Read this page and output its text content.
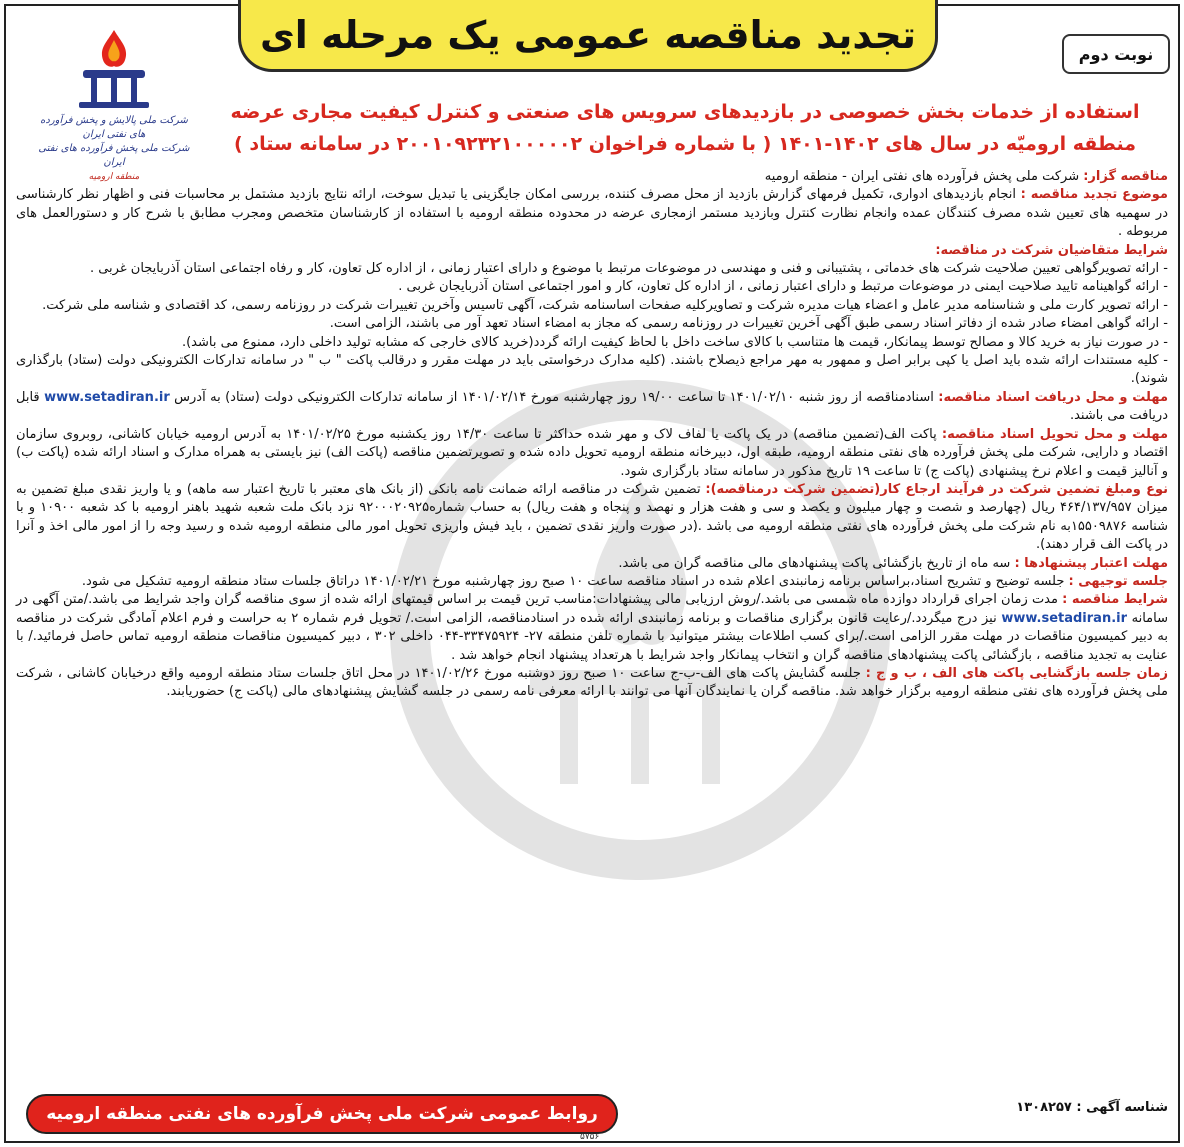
تجدید مناقصه عمومی یک مرحله ای	نوبت دوم
شرکت ملی پالایش و پخش فرآورده های نفتی ایران
شرکت ملی پخش فرآورده های نفتی ایران
منطقه ارومیه
استفاده از خدمات بخش خصوصی در بازدیدهای سرویس های صنعتی و کنترل کیفیت مجاری عرضه
منطقه ارومیّه در سال های ۱۴۰۲-۱۴۰۱ ( با شماره فراخوان ۲۰۰۱۰۹۲۳۲۱۰۰۰۰۰۲ در سامانه ستاد )

مناقصه گزار: شرکت ملی پخش فرآورده های نفتی ایران - منطقه ارومیه

موضوع تجدید مناقصه : انجام بازدیدهای ادواری، تکمیل فرمهای گزارش بازدید از محل مصرف کننده، بررسی امکان جایگزینی یا تبدیل سوخت، ارائه نتایج بازدید مشتمل بر محاسبات فنی و اظهار نظر کارشناسی در سهمیه های تعیین شده مصرف کنندگان عمده وانجام نظارت کنترل وبازدید مستمر ازمجاری عرضه در محدوده منطقه ارومیه با استفاده از کارشناسان متخصص ومجرب مطابق با شرح کار و دستورالعمل های مربوطه .

شرایط متقاضیان شرکت در مناقصه:

- ارائه تصویرگواهی تعیین صلاحیت شرکت های خدماتی ، پشتیبانی و فنی و مهندسی در موضوعات مرتبط با موضوع و دارای اعتبار زمانی ، از اداره کل تعاون، کار و رفاه اجتماعی استان آذربایجان غربی .

- ارائه گواهینامه تایید صلاحیت ایمنی در موضوعات مرتبط و دارای اعتبار زمانی ، از اداره کل تعاون، کار و امور اجتماعی استان آذربایجان غربی .

- ارائه تصویر کارت ملی و شناسنامه مدیر عامل و اعضاء هیات مدیره شرکت و تصاویرکلیه صفحات اساسنامه شرکت، آگهی تاسیس وآخرین تغییرات شرکت در روزنامه رسمی، کد اقتصادی و شناسه ملی شرکت.

- ارائه گواهی امضاء صادر شده از دفاتر اسناد رسمی طبق آگهی آخرین تغییرات در روزنامه رسمی که مجاز به امضاء اسناد تعهد آور می باشند، الزامی است.

- در صورت نیاز به خرید کالا و مصالح توسط پیمانکار، قیمت ها متناسب با کالای ساخت داخل با لحاظ کیفیت ارائه گردد(خرید کالای خارجی که مشابه تولید داخلی دارد، ممنوع می باشد).

- کلیه مستندات ارائه شده باید اصل یا کپی برابر اصل و ممهور به مهر مراجع ذیصلاح باشند. (کلیه مدارک درخواستی باید در مهلت مقرر و درقالب پاکت " ب " در سامانه تدارکات الکترونیکی دولت (ستاد) بارگذاری شوند).

مهلت و محل دریافت اسناد مناقصه: اسنادمناقصه از روز شنبه ۱۴۰۱/۰۲/۱۰ تا ساعت ۱۹/۰۰ روز چهارشنبه مورخ ۱۴۰۱/۰۲/۱۴ از سامانه تدارکات الکترونیکی دولت (ستاد) به آدرس www.setadiran.ir قابل دریافت می باشند.

مهلت و محل تحویل اسناد مناقصه: پاکت الف(تضمین مناقصه) در یک پاکت یا لفاف لاک و مهر شده حداکثر تا ساعت ۱۴/۳۰ روز یکشنبه مورخ ۱۴۰۱/۰۲/۲۵ به آدرس ارومیه خیابان کاشانی، روبروی سازمان اقتصاد و دارایی، شرکت ملی پخش فرآورده های نفتی منطقه ارومیه، طبقه اول، دبیرخانه منطقه ارومیه تحویل داده شده و تصویرتضمین مناقصه (پاکت الف) نیز بایستی به همراه مدارک و اسناد ارائه شده (پاکت ب) و آنالیز قیمت و اعلام نرخ پیشنهادی (پاکت ج) تا ساعت ۱۹ تاریخ مذکور در سامانه ستاد بارگزاری شود.

نوع ومبلغ تضمین شرکت در فرآیند ارجاع کار(تضمین شرکت درمناقصه): تضمین شرکت در مناقصه ارائه ضمانت نامه بانکی (از بانک های معتبر با تاریخ اعتبار سه ماهه) و یا واریز نقدی مبلغ تضمین به میزان ۴۶۴/۱۳۷/۹۵۷ ریال (چهارصد و شصت و چهار میلیون و یکصد و سی و هفت هزار و نهصد و پنجاه و هفت ریال) به حساب شماره۹۲۰۰۰۲۰۹۲۵ نزد بانک ملت شعبه شهید باهنر ارومیه با کد شعبه ۱۰۹۰۰ و با شناسه ۱۵۵۰۹۸۷۶به نام شرکت ملی پخش فرآورده های نفتی منطقه ارومیه می باشد .(در صورت واریز نقدی تضمین ، باید فیش واریزی تحویل امور مالی منطقه ارومیه شده و رسید وجه را از امور مالی اخذ و آنرا در پاکت الف قرار دهند).

مهلت اعتبار پیشنهادها : سه ماه از تاریخ بازگشائی پاکت پیشنهادهای مالی مناقصه گران می باشد.

جلسه توجیهی : جلسه توضیح و تشریح اسناد،براساس برنامه زمانبندی اعلام شده در اسناد مناقصه ساعت ۱۰ صبح روز چهارشنبه مورخ ۱۴۰۱/۰۲/۲۱ دراتاق جلسات ستاد منطقه ارومیه تشکیل می شود.

شرایط مناقصه : مدت زمان اجرای قرارداد دوازده ماه شمسی می باشد./روش ارزیابی مالی پیشنهادات:مناسب ترین قیمت بر اساس قیمتهای ارائه شده از سوی مناقصه گران واجد شرایط می باشد./متن آگهی در سامانه www.setadiran.ir نیز درج میگردد./رعایت قانون برگزاری مناقصات و برنامه زمانبندی ارائه شده در اسنادمناقصه، الزامی است./ تحویل فرم شماره ۲ به حراست و فرم اعلام آمادگی شرکت در مناقصه به دبیر کمیسیون مناقصات در مهلت مقرر الزامی است./برای کسب اطلاعات بیشتر میتوانید با شماره تلفن منطقه ۲۷- ۳۳۴۷۵۹۲۴-۰۴۴ داخلی ۳۰۲ ، دبیر کمیسیون مناقصات منطقه ارومیه تماس حاصل فرمائید./ با عنایت به تجدید مناقصه ، بازگشائی پاکت پیشنهادهای مناقصه گران و انتخاب پیمانکار واجد شرایط با هرتعداد پیشنهاد انجام خواهد شد .

زمان جلسه بازگشایی پاکت های الف ، ب و ج : جلسه گشایش پاکت های الف-ب-ج ساعت ۱۰ صبح روز دوشنبه مورخ ۱۴۰۱/۰۲/۲۶ در محل اتاق جلسات ستاد منطقه ارومیه واقع درخیابان کاشانی ، شرکت ملی پخش فرآورده های نفتی منطقه ارومیه برگزار خواهد شد. مناقصه گران یا نمایندگان آنها می توانند با ارائه معرفی نامه رسمی در جلسه گشایش پیشنهادهای مالی (پاکت ج) حضوریابند.

روابط عمومی شرکت ملی پخش فرآورده های نفتی منطقه ارومیه	شناسه آگهی : ۱۳۰۸۲۵۷
۵۷۵۶
